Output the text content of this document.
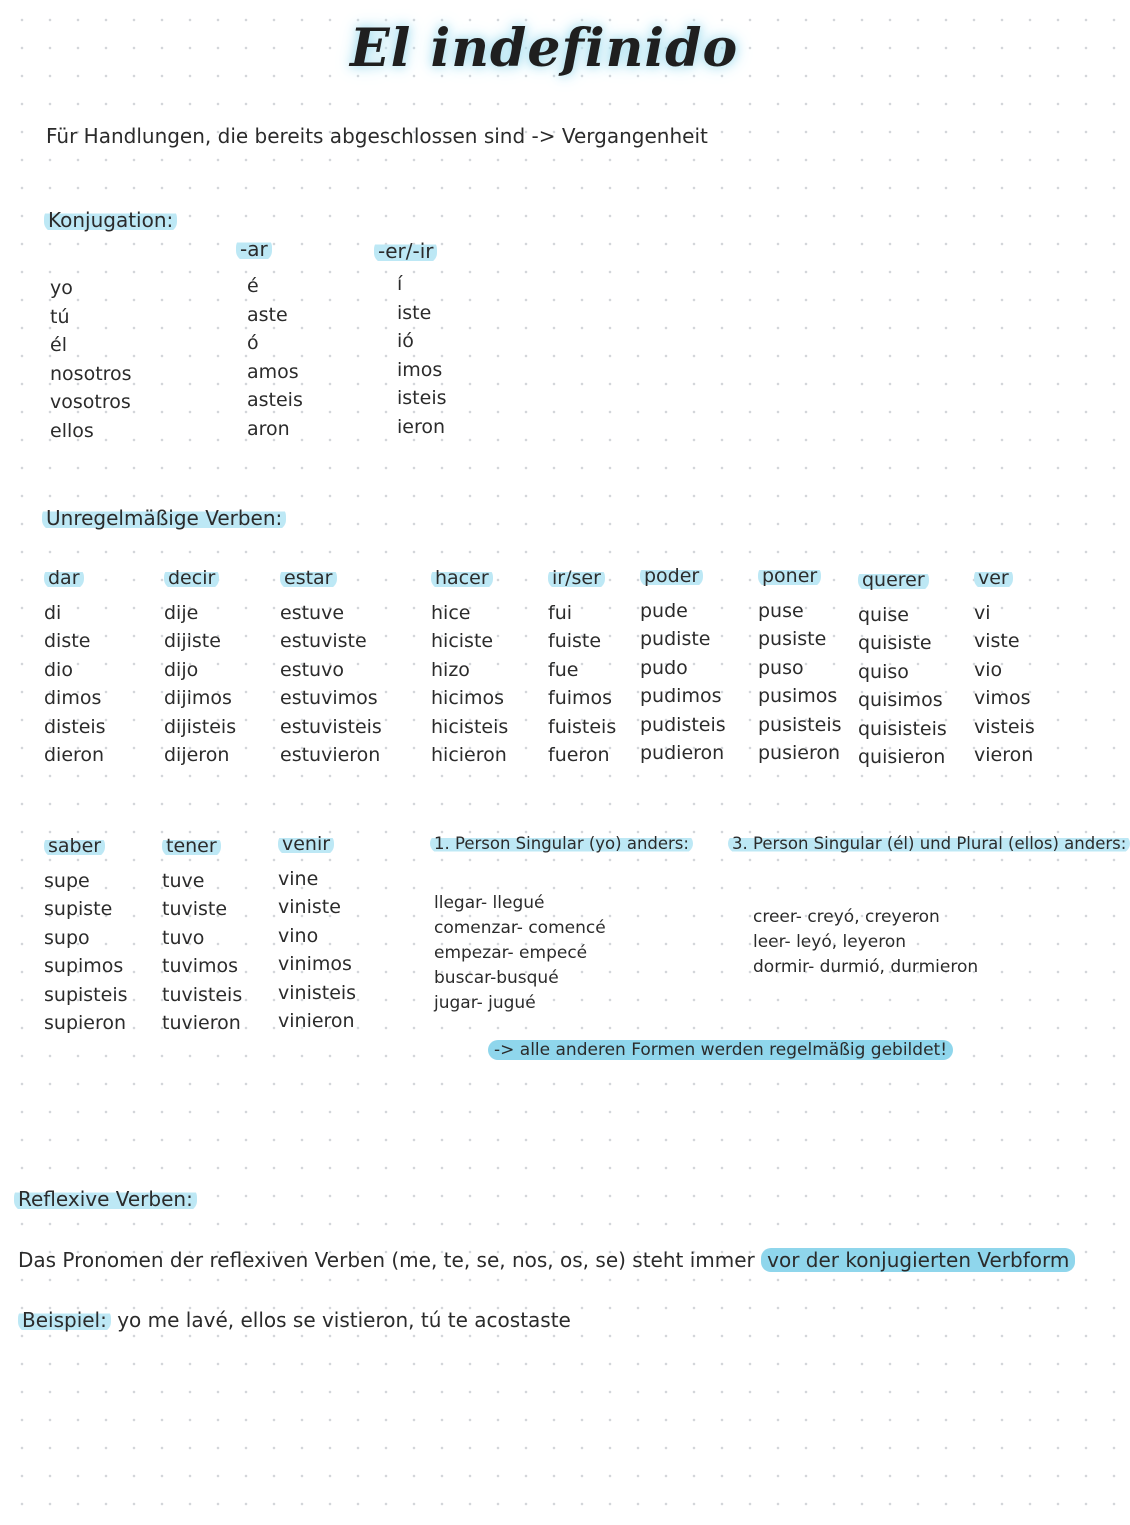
El indefinido
Für Handlungen, die bereits abgeschlossen sind -> Vergangenheit
Konjugation:
yo
tú
él
nosotros
vosotros
ellos
-ar
é
aste
ó
amos
asteis
aron
-er/-ir
í
iste
ió
imos
isteis
ieron
Unregelmäßige Verben:
dar
di
diste
dio
dimos
disteis
dieron
decir
dije
dijiste
dijo
dijimos
dijisteis
dijeron
estar
estuve
estuviste
estuvo
estuvimos
estuvisteis
estuvieron
hacer
hice
hiciste
hizo
hicimos
hicisteis
hicieron
ir/ser
fui
fuiste
fue
fuimos
fuisteis
fueron
poder
pude
pudiste
pudo
pudimos
pudisteis
pudieron
poner
puse
pusiste
puso
pusimos
pusisteis
pusieron
querer
quise
quisiste
quiso
quisimos
quisisteis
quisieron
ver
vi
viste
vio
vimos
visteis
vieron
saber
supe
supiste
supo
supimos
supisteis
supieron
tener
tuve
tuviste
tuvo
tuvimos
tuvisteis
tuvieron
venir
vine
viniste
vino
vinimos
vinisteis
vinieron
1. Person Singular (yo) anders:
llegar- llegué
comenzar- comencé
empezar- empecé
buscar-busqué
jugar- jugué
3. Person Singular (él) und Plural (ellos) anders:
creer- creyó, creyeron
leer- leyó, leyeron
dormir- durmió, durmieron
-> alle anderen Formen werden regelmäßig gebildet!
Reflexive Verben:
Das Pronomen der reflexiven Verben (me, te, se, nos, os, se) steht immer vor der konjugierten Verbform
Beispiel: yo me lavé, ellos se vistieron, tú te acostaste
